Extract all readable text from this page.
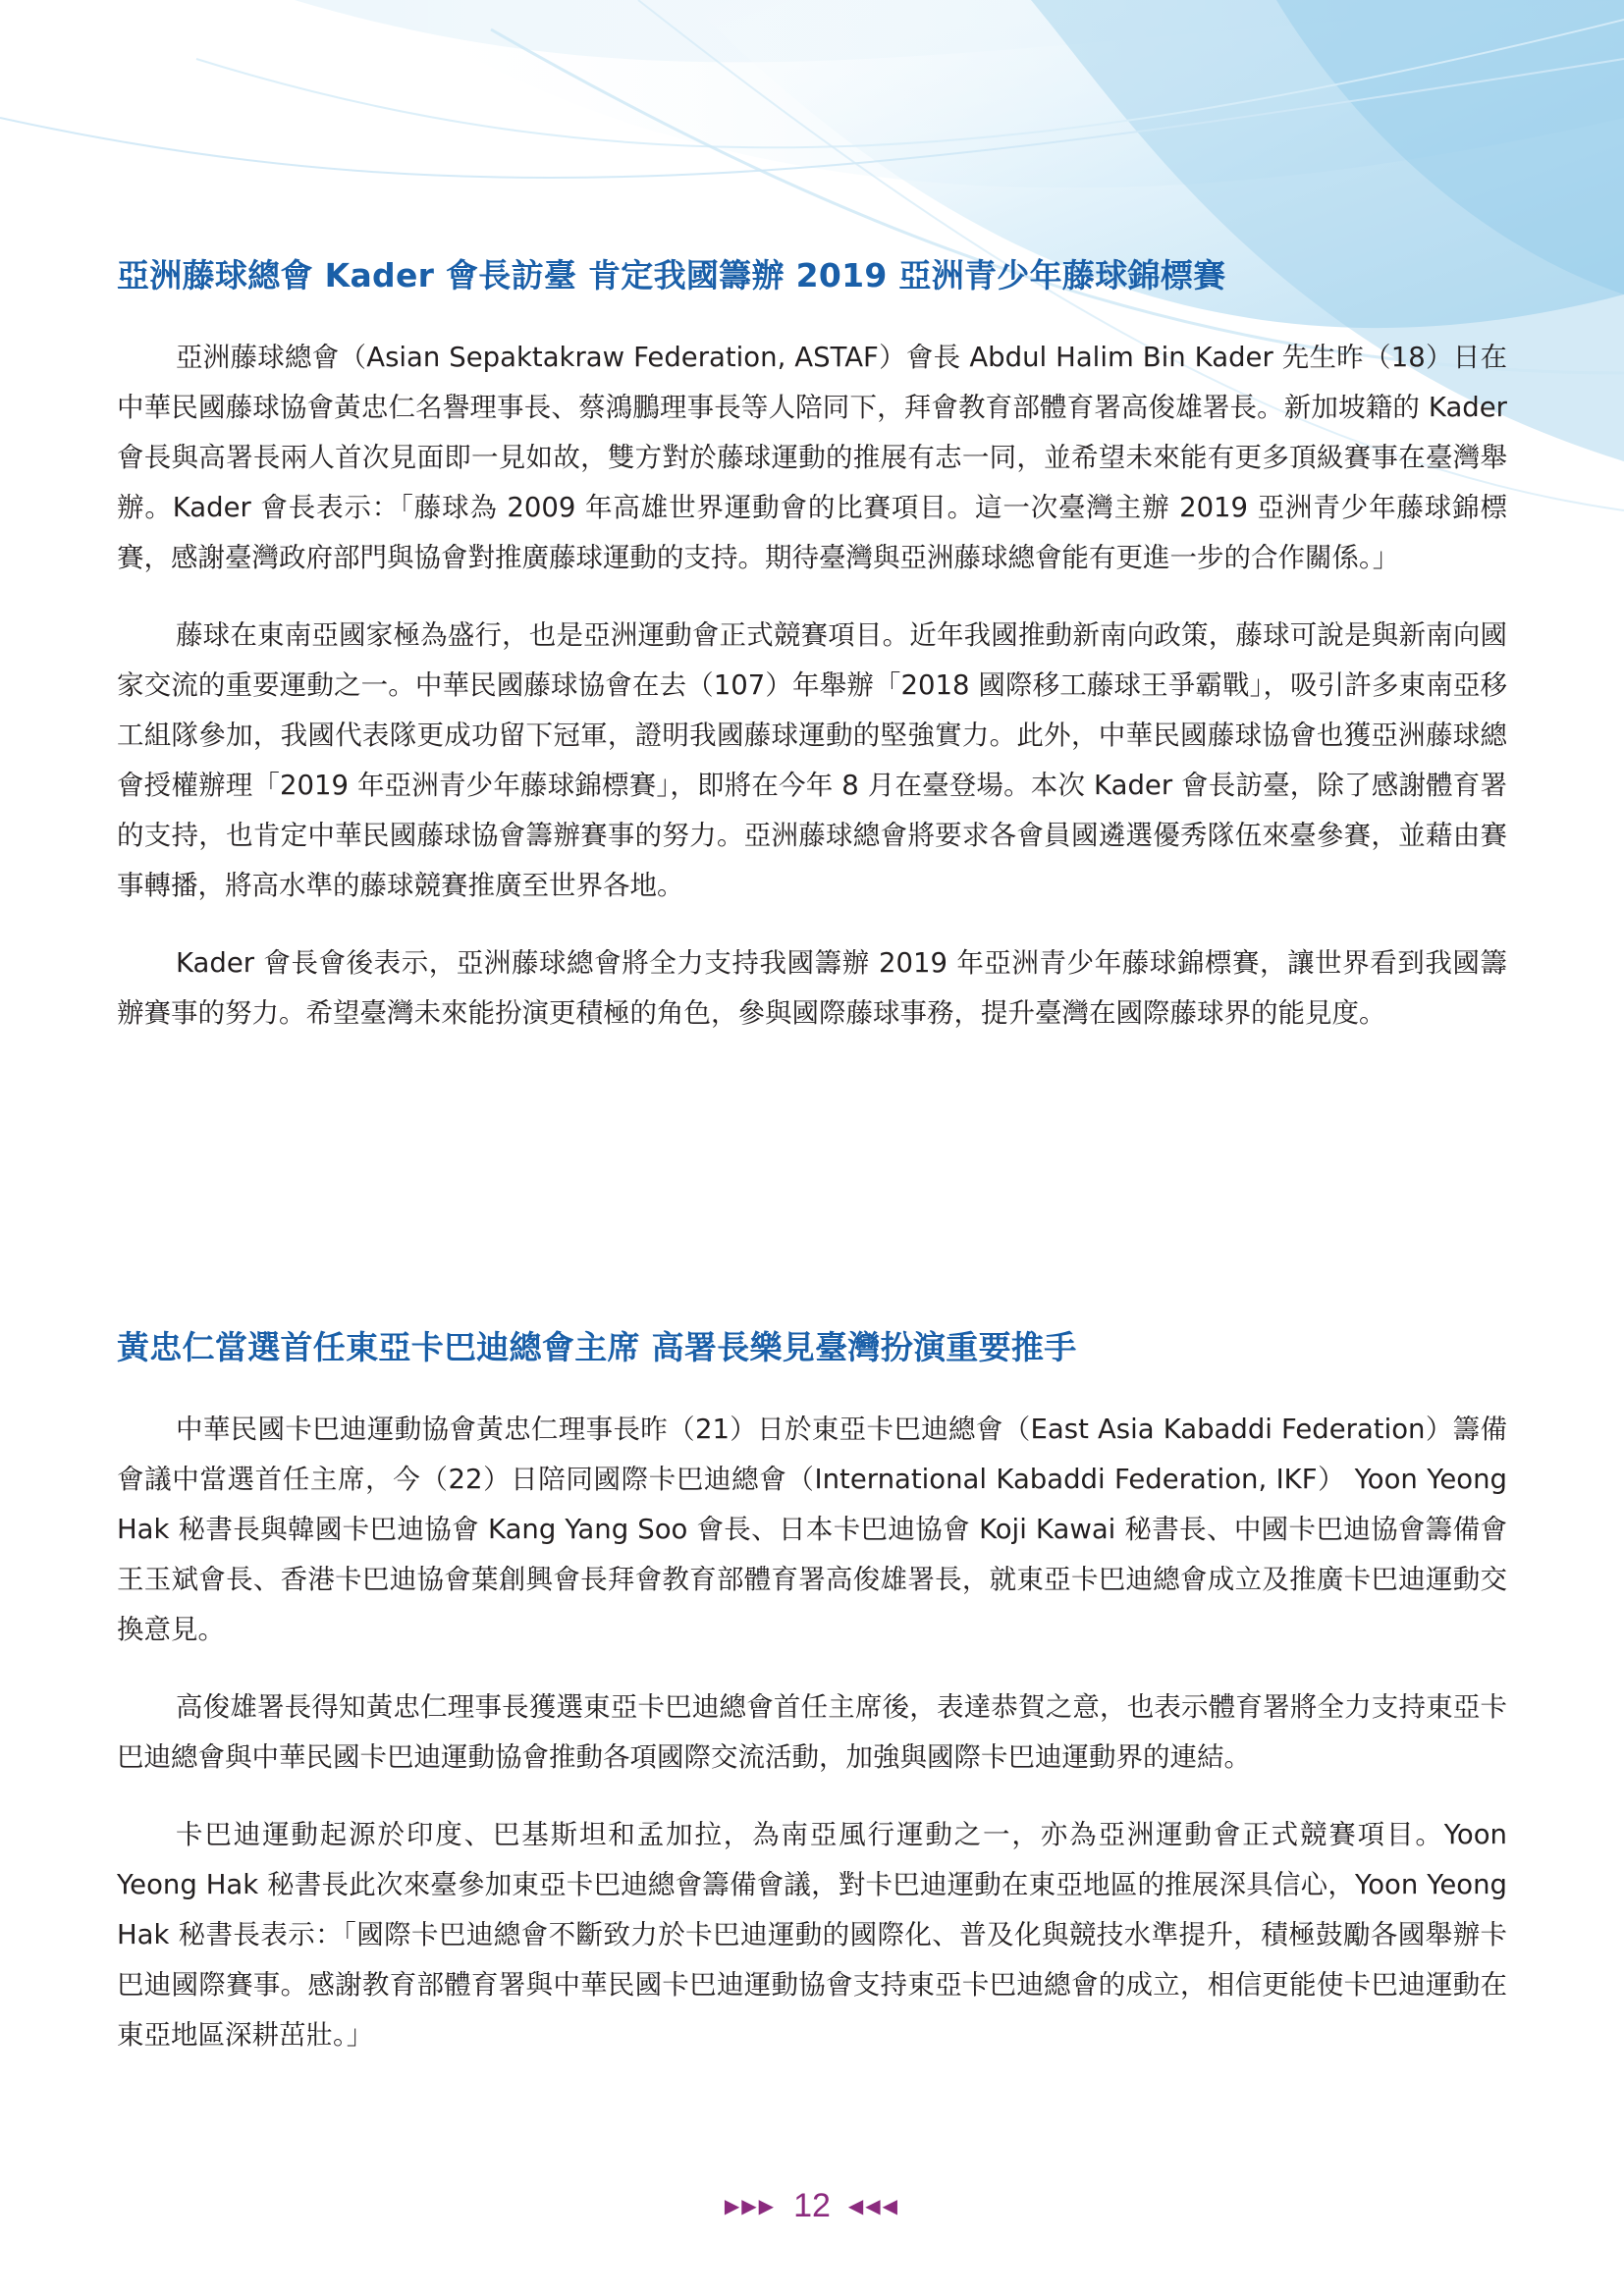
亞洲藤球總會 Kader 會長訪臺 肯定我國籌辦 2019 亞洲青少年藤球錦標賽

亞洲藤球總會（Asian Sepaktakraw Federation, ASTAF）會長 Abdul Halim Bin Kader 先生昨（18）日在中華民國藤球協會黃忠仁名譽理事長、蔡鴻鵬理事長等人陪同下，拜會教育部體育署高俊雄署長。新加坡籍的 Kader 會長與高署長兩人首次見面即一見如故，雙方對於藤球運動的推展有志一同，並希望未來能有更多頂級賽事在臺灣舉辦。Kader 會長表示：「藤球為 2009 年高雄世界運動會的比賽項目。這一次臺灣主辦 2019 亞洲青少年藤球錦標賽，感謝臺灣政府部門與協會對推廣藤球運動的支持。期待臺灣與亞洲藤球總會能有更進一步的合作關係。」

藤球在東南亞國家極為盛行，也是亞洲運動會正式競賽項目。近年我國推動新南向政策，藤球可說是與新南向國家交流的重要運動之一。中華民國藤球協會在去（107）年舉辦「2018 國際移工藤球王爭霸戰」，吸引許多東南亞移工組隊參加，我國代表隊更成功留下冠軍，證明我國藤球運動的堅強實力。此外，中華民國藤球協會也獲亞洲藤球總會授權辦理「2019 年亞洲青少年藤球錦標賽」，即將在今年 8 月在臺登場。本次 Kader 會長訪臺，除了感謝體育署的支持，也肯定中華民國藤球協會籌辦賽事的努力。亞洲藤球總會將要求各會員國遴選優秀隊伍來臺參賽，並藉由賽事轉播，將高水準的藤球競賽推廣至世界各地。

Kader 會長會後表示，亞洲藤球總會將全力支持我國籌辦 2019 年亞洲青少年藤球錦標賽，讓世界看到我國籌辦賽事的努力。希望臺灣未來能扮演更積極的角色，參與國際藤球事務，提升臺灣在國際藤球界的能見度。

黃忠仁當選首任東亞卡巴迪總會主席 高署長樂見臺灣扮演重要推手

中華民國卡巴迪運動協會黃忠仁理事長昨（21）日於東亞卡巴迪總會（East Asia Kabaddi Federation）籌備會議中當選首任主席，今（22）日陪同國際卡巴迪總會（International Kabaddi Federation, IKF） Yoon Yeong Hak 秘書長與韓國卡巴迪協會 Kang Yang Soo 會長、日本卡巴迪協會 Koji Kawai 秘書長、中國卡巴迪協會籌備會王玉斌會長、香港卡巴迪協會葉創興會長拜會教育部體育署高俊雄署長，就東亞卡巴迪總會成立及推廣卡巴迪運動交換意見。

高俊雄署長得知黃忠仁理事長獲選東亞卡巴迪總會首任主席後，表達恭賀之意，也表示體育署將全力支持東亞卡巴迪總會與中華民國卡巴迪運動協會推動各項國際交流活動，加強與國際卡巴迪運動界的連結。

卡巴迪運動起源於印度、巴基斯坦和孟加拉，為南亞風行運動之一，亦為亞洲運動會正式競賽項目。Yoon Yeong Hak 秘書長此次來臺參加東亞卡巴迪總會籌備會議，對卡巴迪運動在東亞地區的推展深具信心，Yoon Yeong Hak 秘書長表示：「國際卡巴迪總會不斷致力於卡巴迪運動的國際化、普及化與競技水準提升，積極鼓勵各國舉辦卡巴迪國際賽事。感謝教育部體育署與中華民國卡巴迪運動協會支持東亞卡巴迪總會的成立，相信更能使卡巴迪運動在東亞地區深耕茁壯。」

▶▶▶ 12 ◀◀◀
